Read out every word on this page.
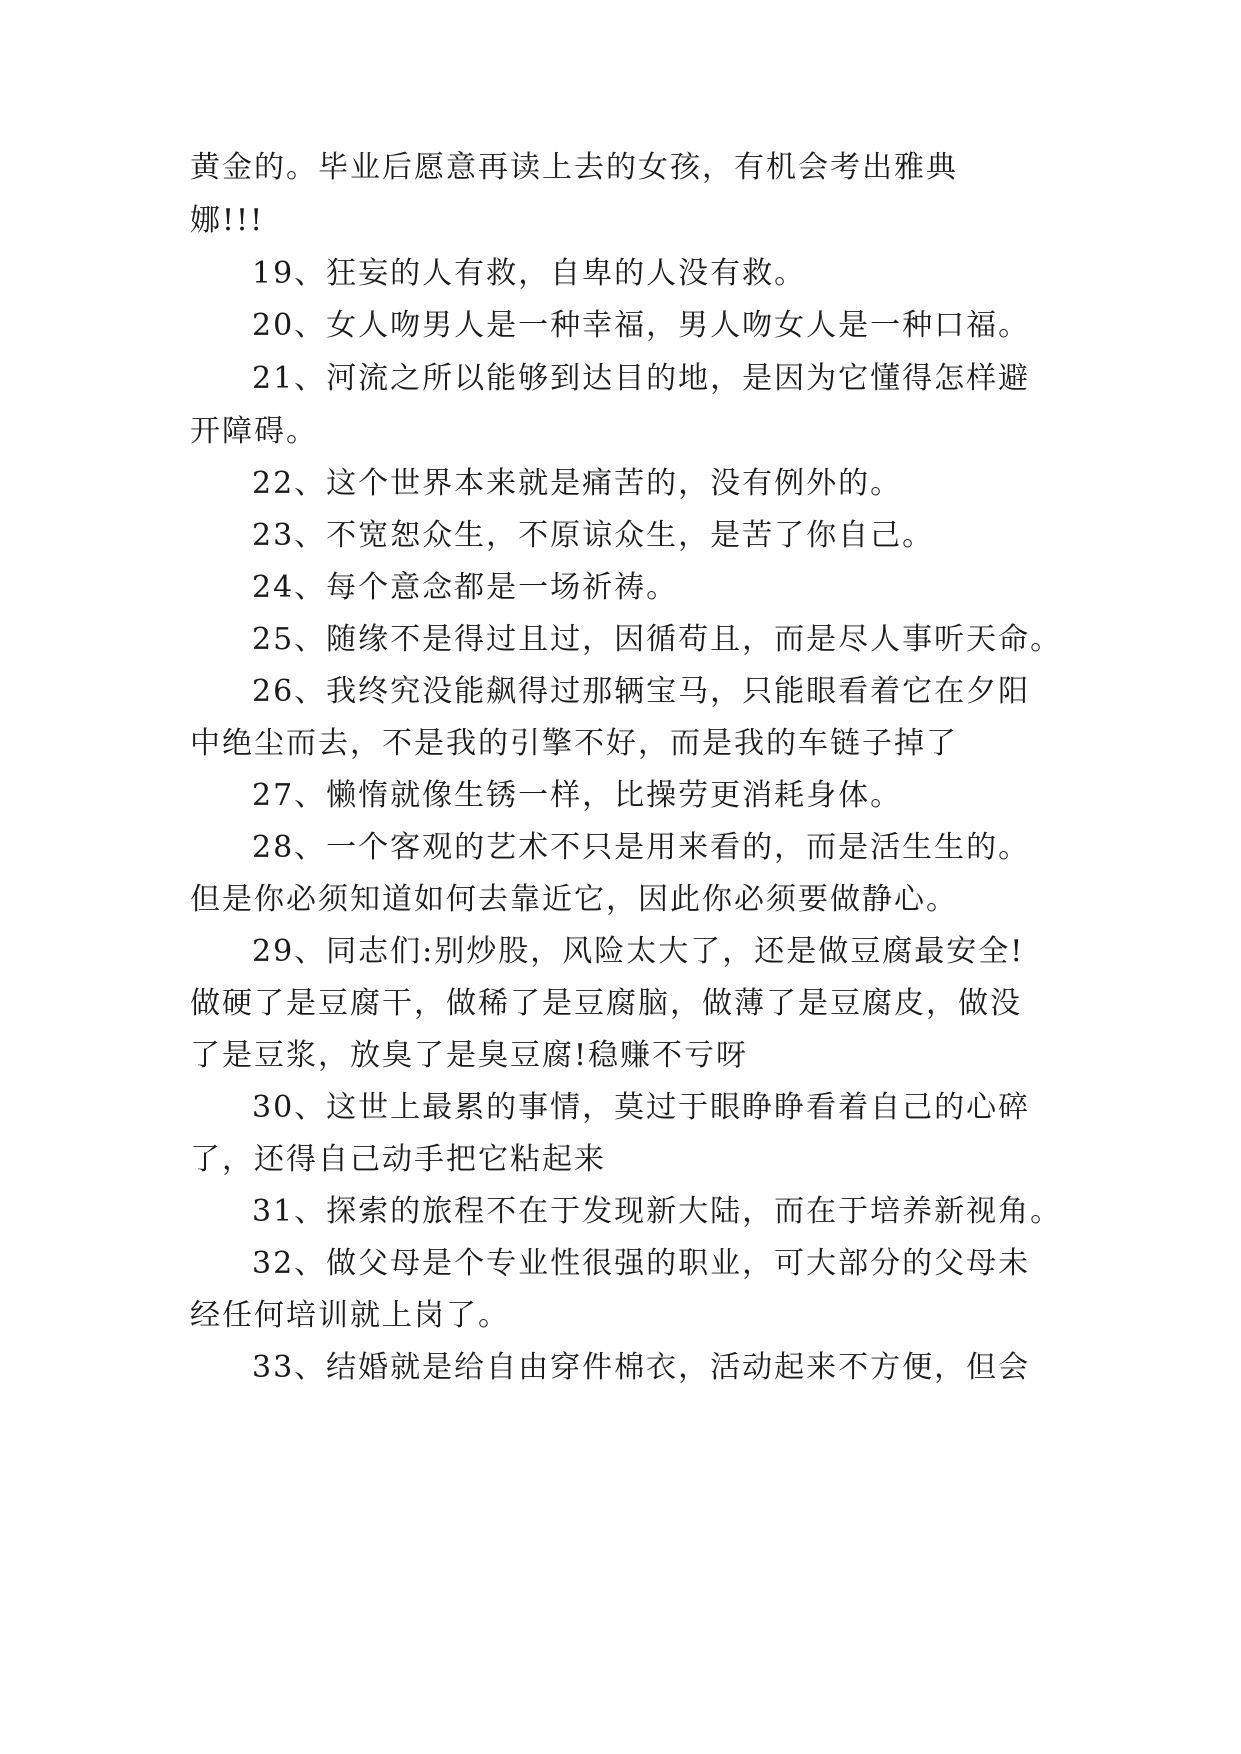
黄金的。毕业后愿意再读上去的女孩，有机会考出雅典
娜!!!
19、狂妄的人有救，自卑的人没有救。
20、女人吻男人是一种幸福，男人吻女人是一种口福。
21、河流之所以能够到达目的地，是因为它懂得怎样避
开障碍。
22、这个世界本来就是痛苦的，没有例外的。
23、不宽恕众生，不原谅众生，是苦了你自己。
24、每个意念都是一场祈祷。
25、随缘不是得过且过，因循苟且，而是尽人事听天命。
26、我终究没能飙得过那辆宝马，只能眼看着它在夕阳
中绝尘而去，不是我的引擎不好，而是我的车链子掉了
27、懒惰就像生锈一样，比操劳更消耗身体。
28、一个客观的艺术不只是用来看的，而是活生生的。
但是你必须知道如何去靠近它，因此你必须要做静心。
29、同志们:别炒股，风险太大了，还是做豆腐最安全!
做硬了是豆腐干，做稀了是豆腐脑，做薄了是豆腐皮，做没
了是豆浆，放臭了是臭豆腐!稳赚不亏呀
30、这世上最累的事情，莫过于眼睁睁看着自己的心碎
了，还得自己动手把它粘起来
31、探索的旅程不在于发现新大陆，而在于培养新视角。
32、做父母是个专业性很强的职业，可大部分的父母未
经任何培训就上岗了。
33、结婚就是给自由穿件棉衣，活动起来不方便，但会
